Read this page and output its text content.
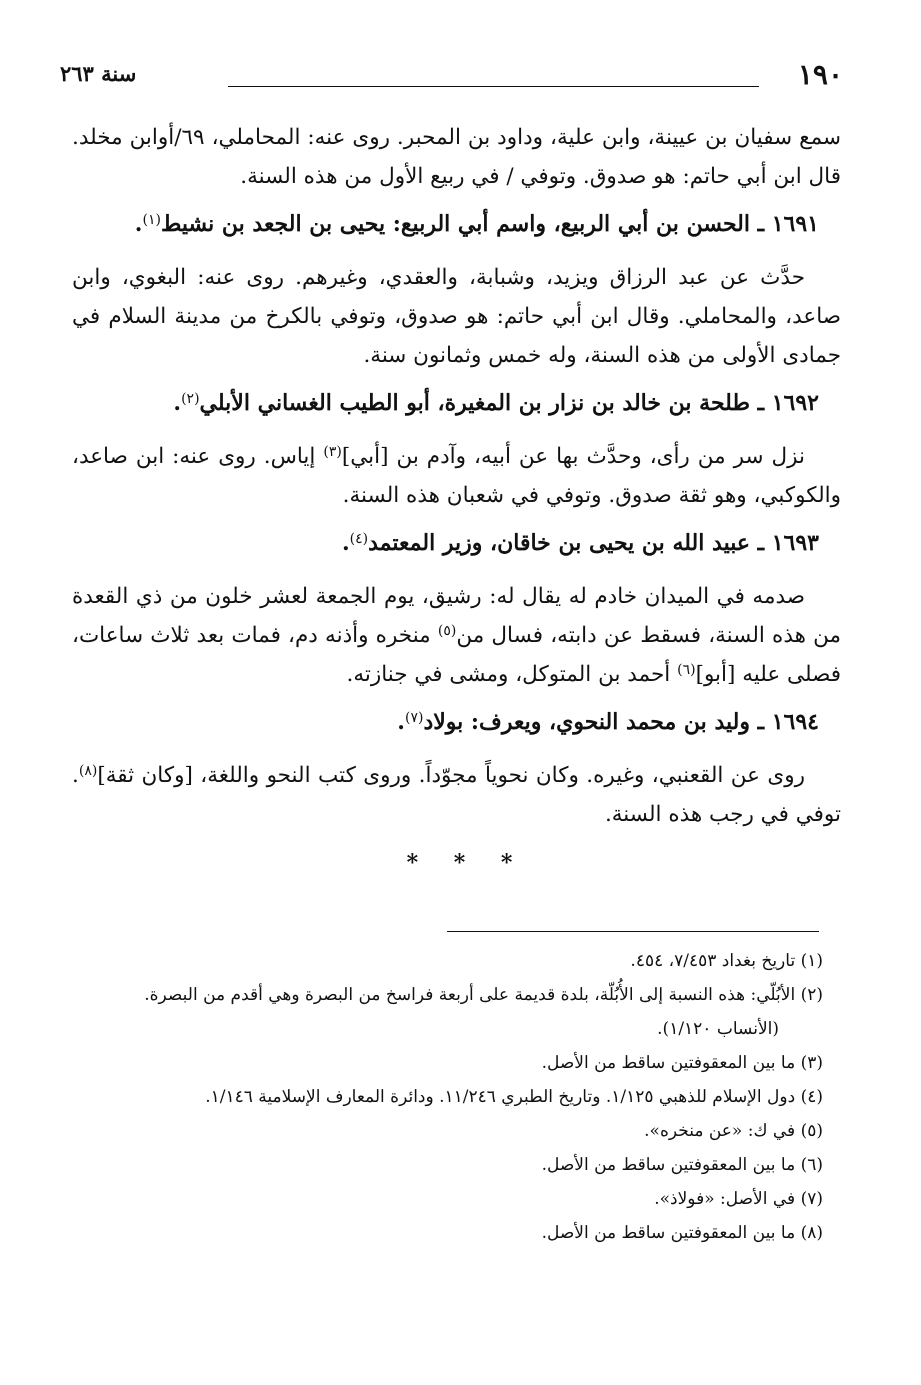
١٩٠
سنة ٢٦٣

سمع سفيان بن عيينة، وابن علية، وداود بن المحبر. روى عنه: المحاملي، ٦٩/أوابن مخلد. قال ابن أبي حاتم: هو صدوق. وتوفي / في ربيع الأول من هذه السنة.

١٦٩١ ـ الحسن بن أبي الربيع، واسم أبي الربيع: يحيى بن الجعد بن نشيط$^{(١)}$.

حدَّث عن عبد الرزاق ويزيد، وشبابة، والعقدي، وغيرهم. روى عنه: البغوي، وابن صاعد، والمحاملي. وقال ابن أبي حاتم: هو صدوق، وتوفي بالكرخ من مدينة السلام في جمادى الأولى من هذه السنة، وله خمس وثمانون سنة.

١٦٩٢ ـ طلحة بن خالد بن نزار بن المغيرة، أبو الطيب الغساني الأبلي$^{(٢)}$.

نزل سر من رأى، وحدَّث بها عن أبيه، وآدم بن [أبي]$^{(٣)}$ إياس. روى عنه: ابن صاعد، والكوكبي، وهو ثقة صدوق. وتوفي في شعبان هذه السنة.

١٦٩٣ ـ عبيد الله بن يحيى بن خاقان، وزير المعتمد$^{(٤)}$.

صدمه في الميدان خادم له يقال له: رشيق، يوم الجمعة لعشر خلون من ذي القعدة من هذه السنة، فسقط عن دابته، فسال من$^{(٥)}$ منخره وأذنه دم، فمات بعد ثلاث ساعات، فصلى عليه [أبو]$^{(٦)}$ أحمد بن المتوكل، ومشى في جنازته.

١٦٩٤ ـ وليد بن محمد النحوي، ويعرف: بولاد$^{(٧)}$.

روى عن القعنبي، وغيره. وكان نحوياً مجوّداً. وروى كتب النحو واللغة، [وكان ثقة]$^{(٨)}$. توفي في رجب هذه السنة.

* * *

(١) تاريخ بغداد ٧/٤٥٣، ٤٥٤.

(٢) الأبُلّي: هذه النسبة إلى الأُبُلّة، بلدة قديمة على أربعة فراسخ من البصرة وهي أقدم من البصرة.

(الأنساب ١/١٢٠).

(٣) ما بين المعقوفتين ساقط من الأصل.

(٤) دول الإسلام للذهبي ١/١٢٥. وتاريخ الطبري ١١/٢٤٦. ودائرة المعارف الإسلامية ١/١٤٦.

(٥) في ك: «عن منخره».

(٦) ما بين المعقوفتين ساقط من الأصل.

(٧) في الأصل: «فولاذ».

(٨) ما بين المعقوفتين ساقط من الأصل.
